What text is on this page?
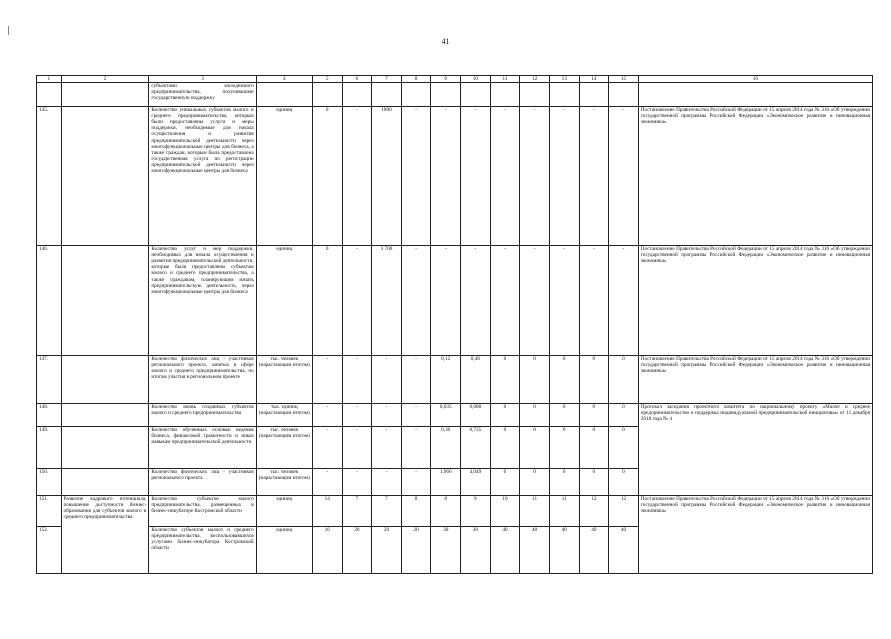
41
1	2	3	4	5	6	7	8	9	10	11	12	13	14	15	16
		субъектами молодежного предпринимательства, получившими государственную поддержку													
145.		Количество уникальных субъектов малого и среднего предпринимательства, которым были предоставлены услуги и меры поддержки, необходимые для начала осуществления и развития предпринимательской деятельности через многофункциональные центры для бизнеса, а также граждан, которым была предоставлена государственная услуга по регистрации предпринимательской деятельности через многофункциональные центры для бизнеса	единиц	0	-	1800	-	-	-	-	-	-	-	-	Постановление Правительства Российской Федерации от 15 апреля 2014 года № 316 «Об утверждении государственной программы Российской Федерации «Экономическое развитие и инновационная экономика»
146.		Количество услуг и мер поддержки, необходимых для начала осуществления и развития предпринимательской деятельности, которые были предоставлены субъектам малого и среднего предпринимательства, а также гражданам, планирующим начать предпринимательскую деятельность, через многофункциональные центры для бизнеса	единиц	0	-	3 700	-	-	-	-	-	-	-	-	Постановление Правительства Российской Федерации от 15 апреля 2014 года № 316 «Об утверждении государственной программы Российской Федерации «Экономическое развитие и инновационная экономика»
147.		Количество физических лиц - участников регионального проекта, занятых в сфере малого и среднего предпринимательства, по итогам участия в региональном проекте	тыс. человек (нарастающим итогом)	-	-	-	-	0,12	0,48	0	0	0	0	0	Постановление Правительства Российской Федерации от 15 апреля 2014 года № 316 «Об утверждении государственной программы Российской Федерации «Экономическое развитие и инновационная экономика»
148.		Количество вновь созданных субъектов малого и среднего предпринимательства	тыс. единиц (нарастающим итогом)	-	-	-	-	0,035	0,088	0	0	0	0	0	Протокол заседания проектного комитета по национальному проекту «Малое и среднее предпринимательство и поддержка индивидуальной предпринимательской инициативы» от 11 декабря 2018 года № 4
149.		Количество обученных основам ведения бизнеса, финансовой грамотности и иным навыкам предпринимательской деятельности	тыс. человек (нарастающим итогом)	-	-	-	-	0,36	0,735	0	0	0	0	0	
150.		Количество физических лиц - участников регионального проекта	тыс. человек (нарастающим итогом)	-	-	-	-	1,966	4,049	0	0	0	0	0	
151.	Развитие кадрового потенциала, повышение доступности бизнес-образования для субъектов малого и среднего предпринимательства	Количество субъектов малого предпринимательства, размещенных в бизнес-инкубаторе Костромской области	единиц	14	7	7	8	8	9	10	11	11	12	12	Постановление Правительства Российской Федерации от 15 апреля 2014 года № 316 «Об утверждении государственной программы Российской Федерации «Экономическое развитие и инновационная экономика»
152.		Количество субъектов малого и среднего предпринимательства, воспользовавшихся услугами бизнес-инкубатора Костромской области	единиц	16	20	20	20	30	30	40	40	40	40	40	
